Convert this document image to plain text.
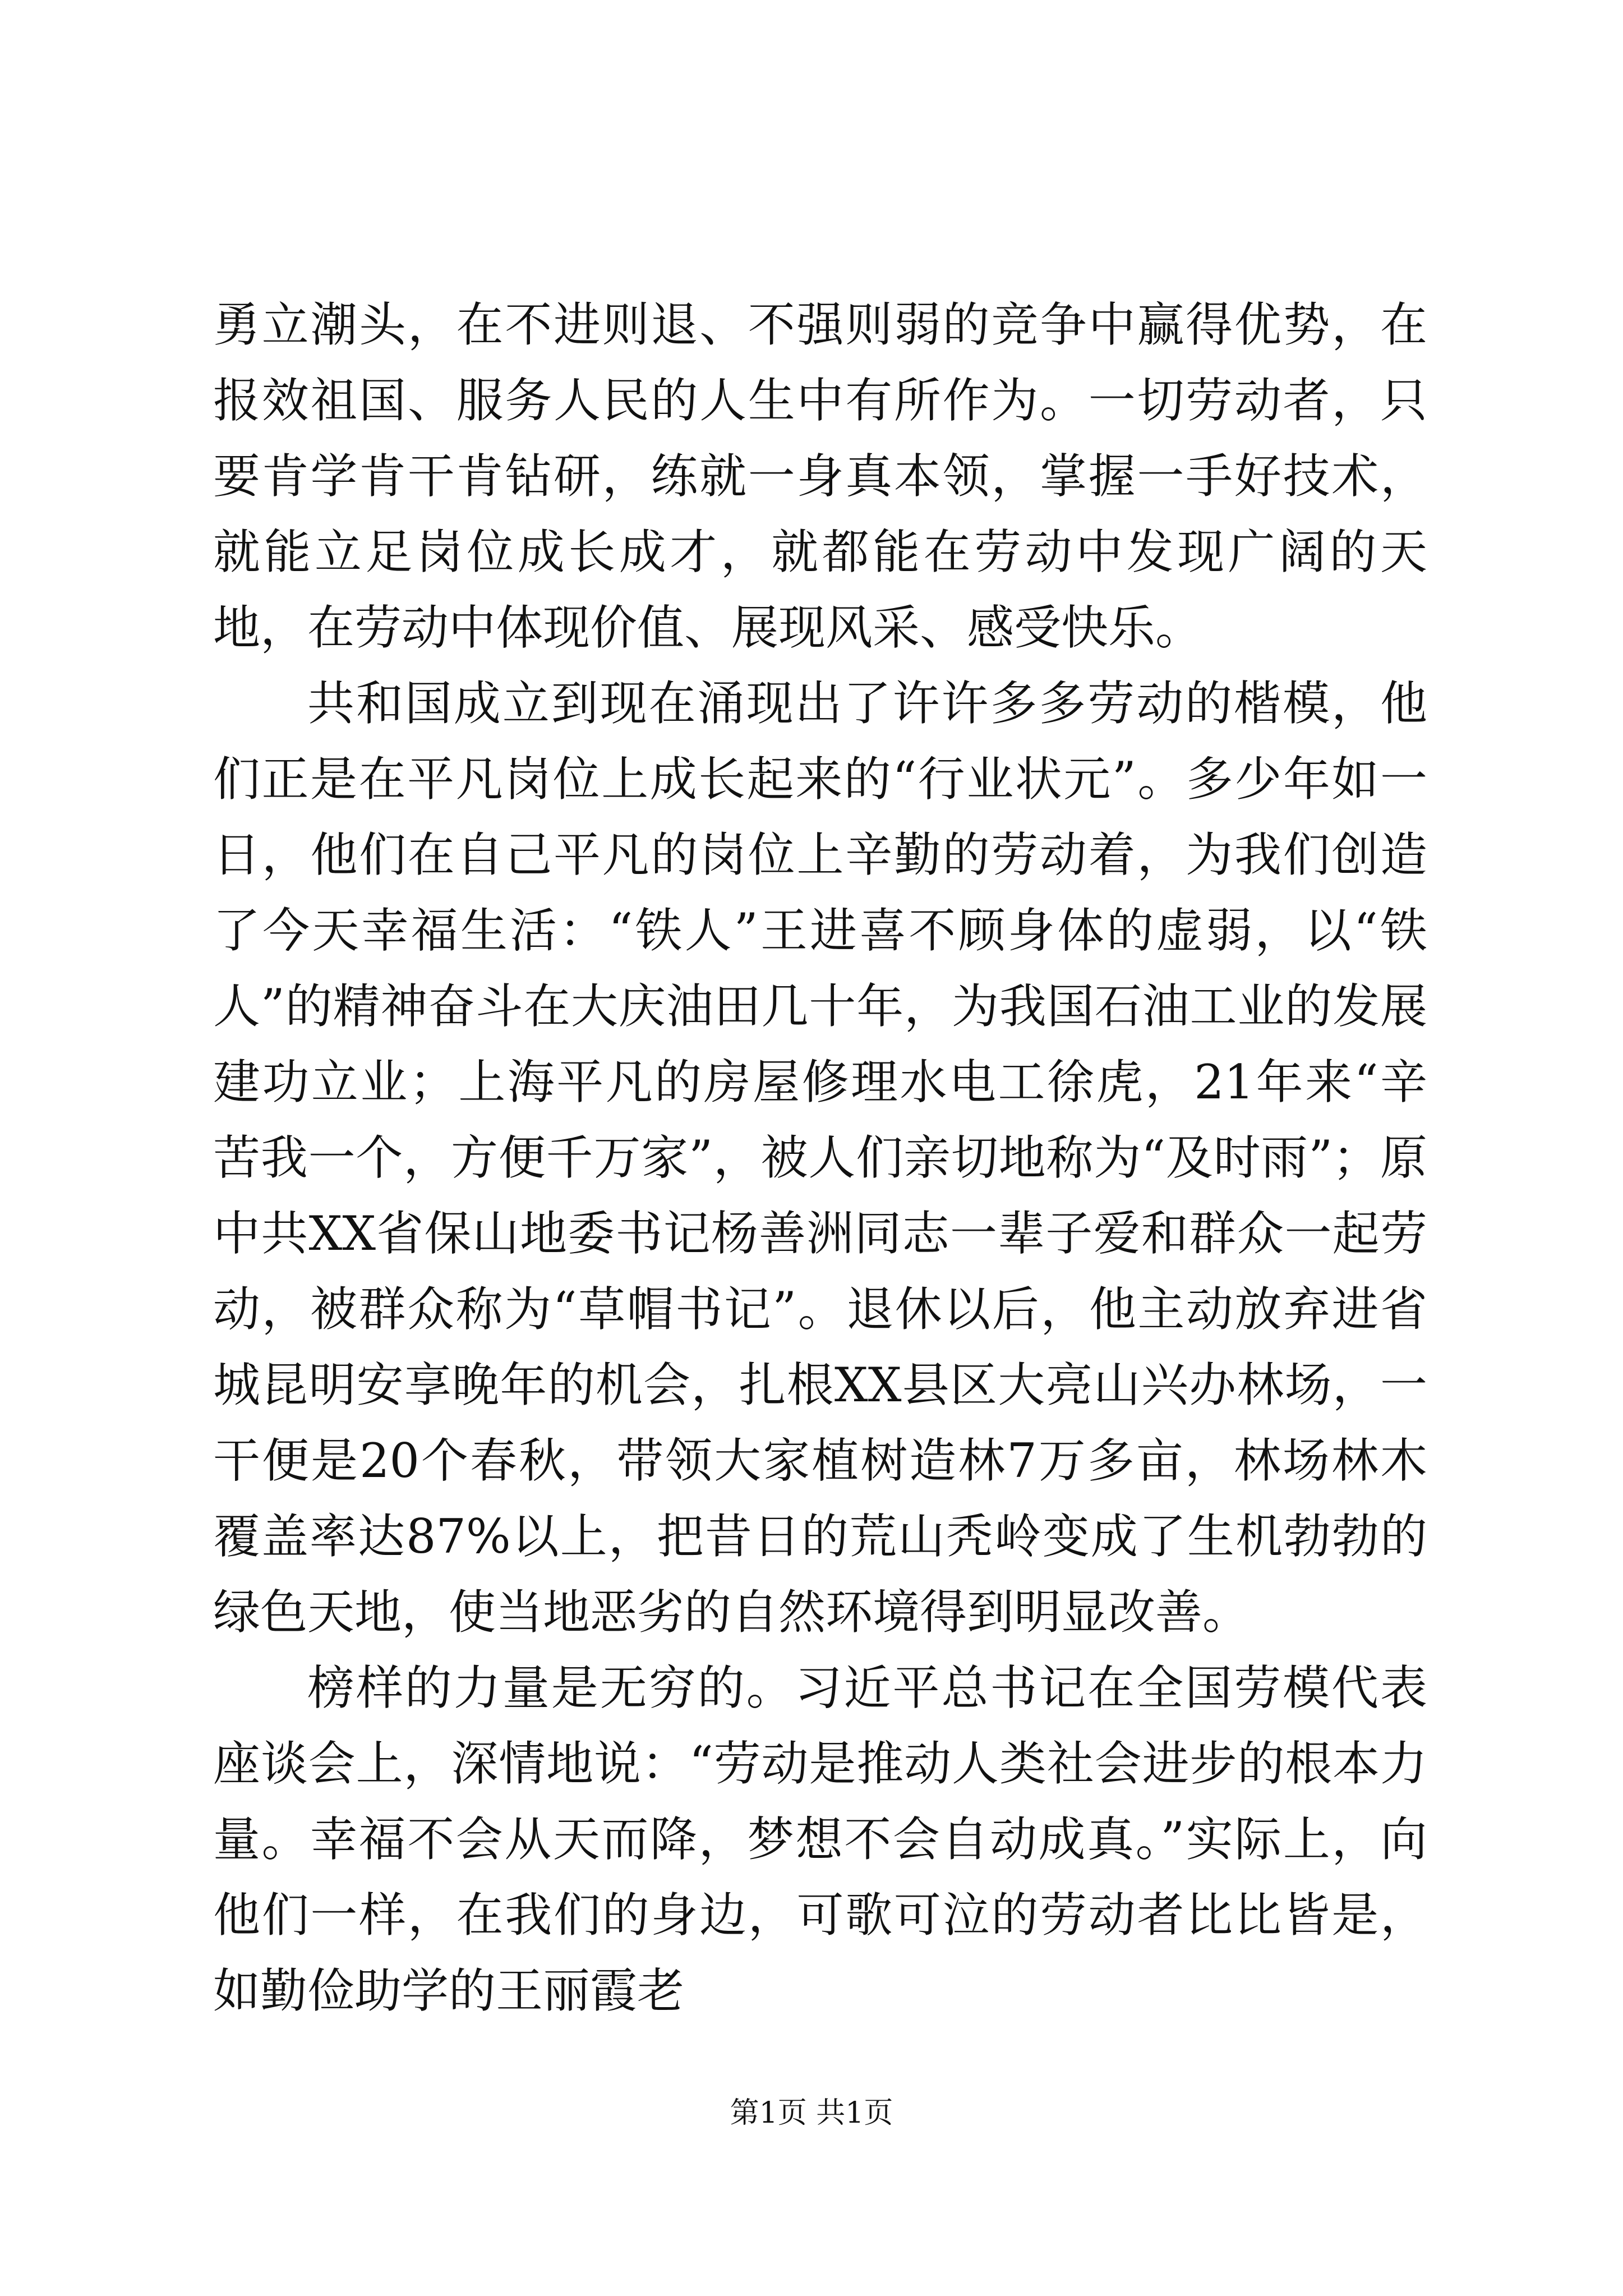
勇立潮头，在不进则退、不强则弱的竞争中赢得优势，在报效祖国、服务人民的人生中有所作为。一切劳动者，只要肯学肯干肯钻研，练就一身真本领，掌握一手好技术，就能立足岗位成长成才，就都能在劳动中发现广阔的天地，在劳动中体现价值、展现风采、感受快乐。

共和国成立到现在涌现出了许许多多劳动的楷模，他们正是在平凡岗位上成长起来的“行业状元”。多少年如一日，他们在自己平凡的岗位上辛勤的劳动着，为我们创造了今天幸福生活：“铁人”王进喜不顾身体的虚弱，以“铁人”的精神奋斗在大庆油田几十年，为我国石油工业的发展建功立业；上海平凡的房屋修理水电工徐虎，21年来“辛苦我一个，方便千万家”，被人们亲切地称为“及时雨”；原中共XX省保山地委书记杨善洲同志一辈子爱和群众一起劳动，被群众称为“草帽书记”。退休以后，他主动放弃进省城昆明安享晚年的机会，扎根XX县区大亮山兴办林场，一干便是20个春秋，带领大家植树造林7万多亩，林场林木覆盖率达87%以上，把昔日的荒山秃岭变成了生机勃勃的绿色天地，使当地恶劣的自然环境得到明显改善。

榜样的力量是无穷的。习近平总书记在全国劳模代表座谈会上，深情地说：“劳动是推动人类社会进步的根本力量。幸福不会从天而降，梦想不会自动成真。”实际上，向他们一样，在我们的身边，可歌可泣的劳动者比比皆是，如勤俭助学的王丽霞老

第1页 共1页
